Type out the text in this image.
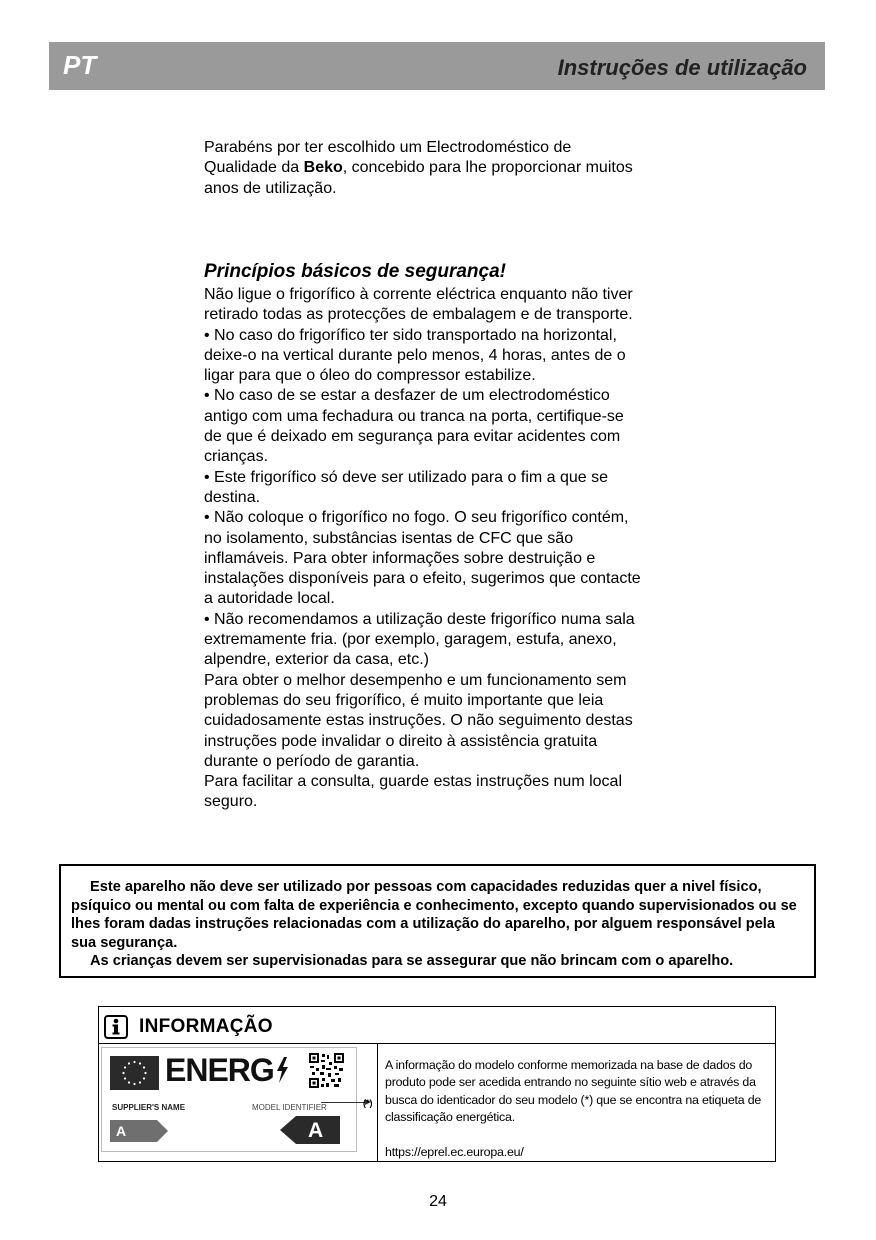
PT	Instruções de utilização
Parabéns por ter escolhido um Electrodoméstico de Qualidade da Beko, concebido para lhe proporcionar muitos anos de utilização.
Princípios básicos de segurança!

Não ligue o frigorífico à corrente eléctrica enquanto não tiver retirado todas as protecções de embalagem e de transporte.

• No caso do frigorífico ter sido transportado na horizontal, deixe-o na vertical durante pelo menos, 4 horas, antes de o ligar para que o óleo do compressor estabilize.

• No caso de se estar a desfazer de um electrodoméstico antigo com uma fechadura ou tranca na porta, certifique-se de que é deixado em segurança para evitar acidentes com crianças.

• Este frigorífico só deve ser utilizado para o fim a que se destina.

• Não coloque o frigorífico no fogo. O seu frigorífico contém, no isolamento, substâncias isentas de CFC que são inflamáveis. Para obter informações sobre destruição e instalações disponíveis para o efeito, sugerimos que contacte a autoridade local.

• Não recomendamos a utilização deste frigorífico numa sala extremamente fria. (por exemplo, garagem, estufa, anexo, alpendre, exterior da casa, etc.)

Para obter o melhor desempenho e um funcionamento sem problemas do seu frigorífico, é muito importante que leia cuidadosamente estas instruções. O não seguimento destas instruções pode invalidar o direito à assistência gratuita durante o período de garantia.

Para facilitar a consulta, guarde estas instruções num local seguro.

Este aparelho não deve ser utilizado por pessoas com capacidades reduzidas quer a nivel físico, psíquico ou mental ou com falta de experiência e conhecimento, excepto quando supervisionados ou se lhes foram dadas instruções relacionadas com a utilização do aparelho, por alguem responsável pela sua segurança.

As crianças devem ser supervisionadas para se assegurar que não brincam com o aparelho.

INFORMAÇÃO
ENERG
SUPPLIER'S NAME	MODEL IDENTIFIER
A	A
(*)
A informação do modelo conforme memorizada na base de dados do produto pode ser acedida entrando no seguinte sítio web e através da busca do identicador do seu modelo (*) que se encontra na etiqueta de classificação energética.
https://eprel.ec.europa.eu/
24
